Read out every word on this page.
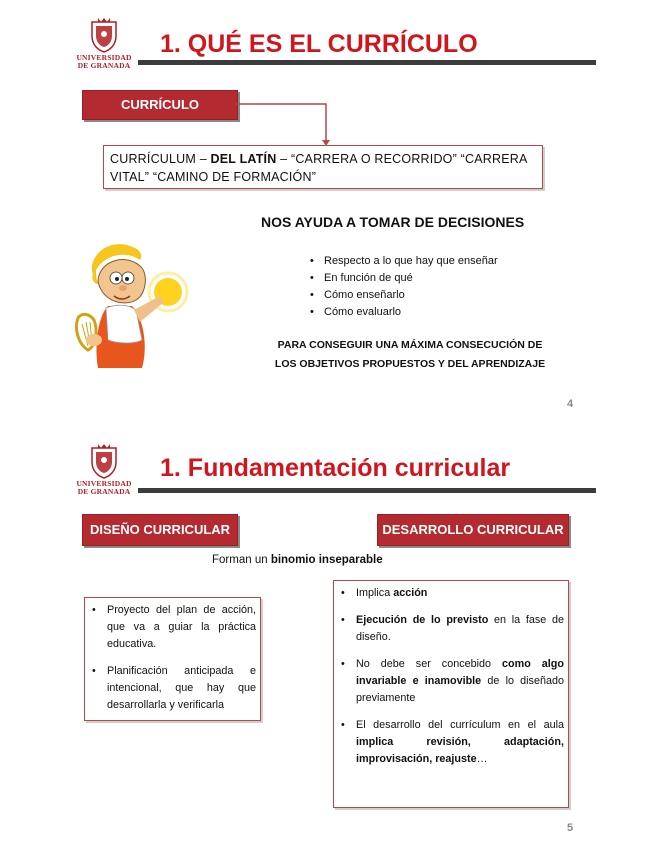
UNIVERSIDAD
DE GRANADA
1. QUÉ ES EL CURRÍCULO
CURRÍCULO
CURRÍCULUM – DEL LATÍN – “CARRERA O RECORRIDO” “CARRERA VITAL” “CAMINO DE FORMACIÓN”
NOS AYUDA A TOMAR DE DECISIONES
• Respecto a lo que hay que enseñar
• En función de qué
• Cómo enseñarlo
• Cómo evaluarlo
PARA CONSEGUIR UNA MÁXIMA CONSECUCIÓN DE
LOS OBJETIVOS PROPUESTOS Y DEL APRENDIZAJE
4
UNIVERSIDAD
DE GRANADA
1. Fundamentación curricular
DISEÑO CURRICULAR	DESARROLLO CURRICULAR
Forman un binomio inseparable
• Proyecto del plan de acción, que va a guiar la práctica educativa.
• Planificación anticipada e intencional, que hay que desarrollarla y verificarla
• Implica acción
• Ejecución de lo previsto en la fase de diseño.
• No debe ser concebido como algo invariable e inamovible de lo diseñado previamente
• El desarrollo del currículum en el aula implica revisión, adaptación, improvisación, reajuste…
5
